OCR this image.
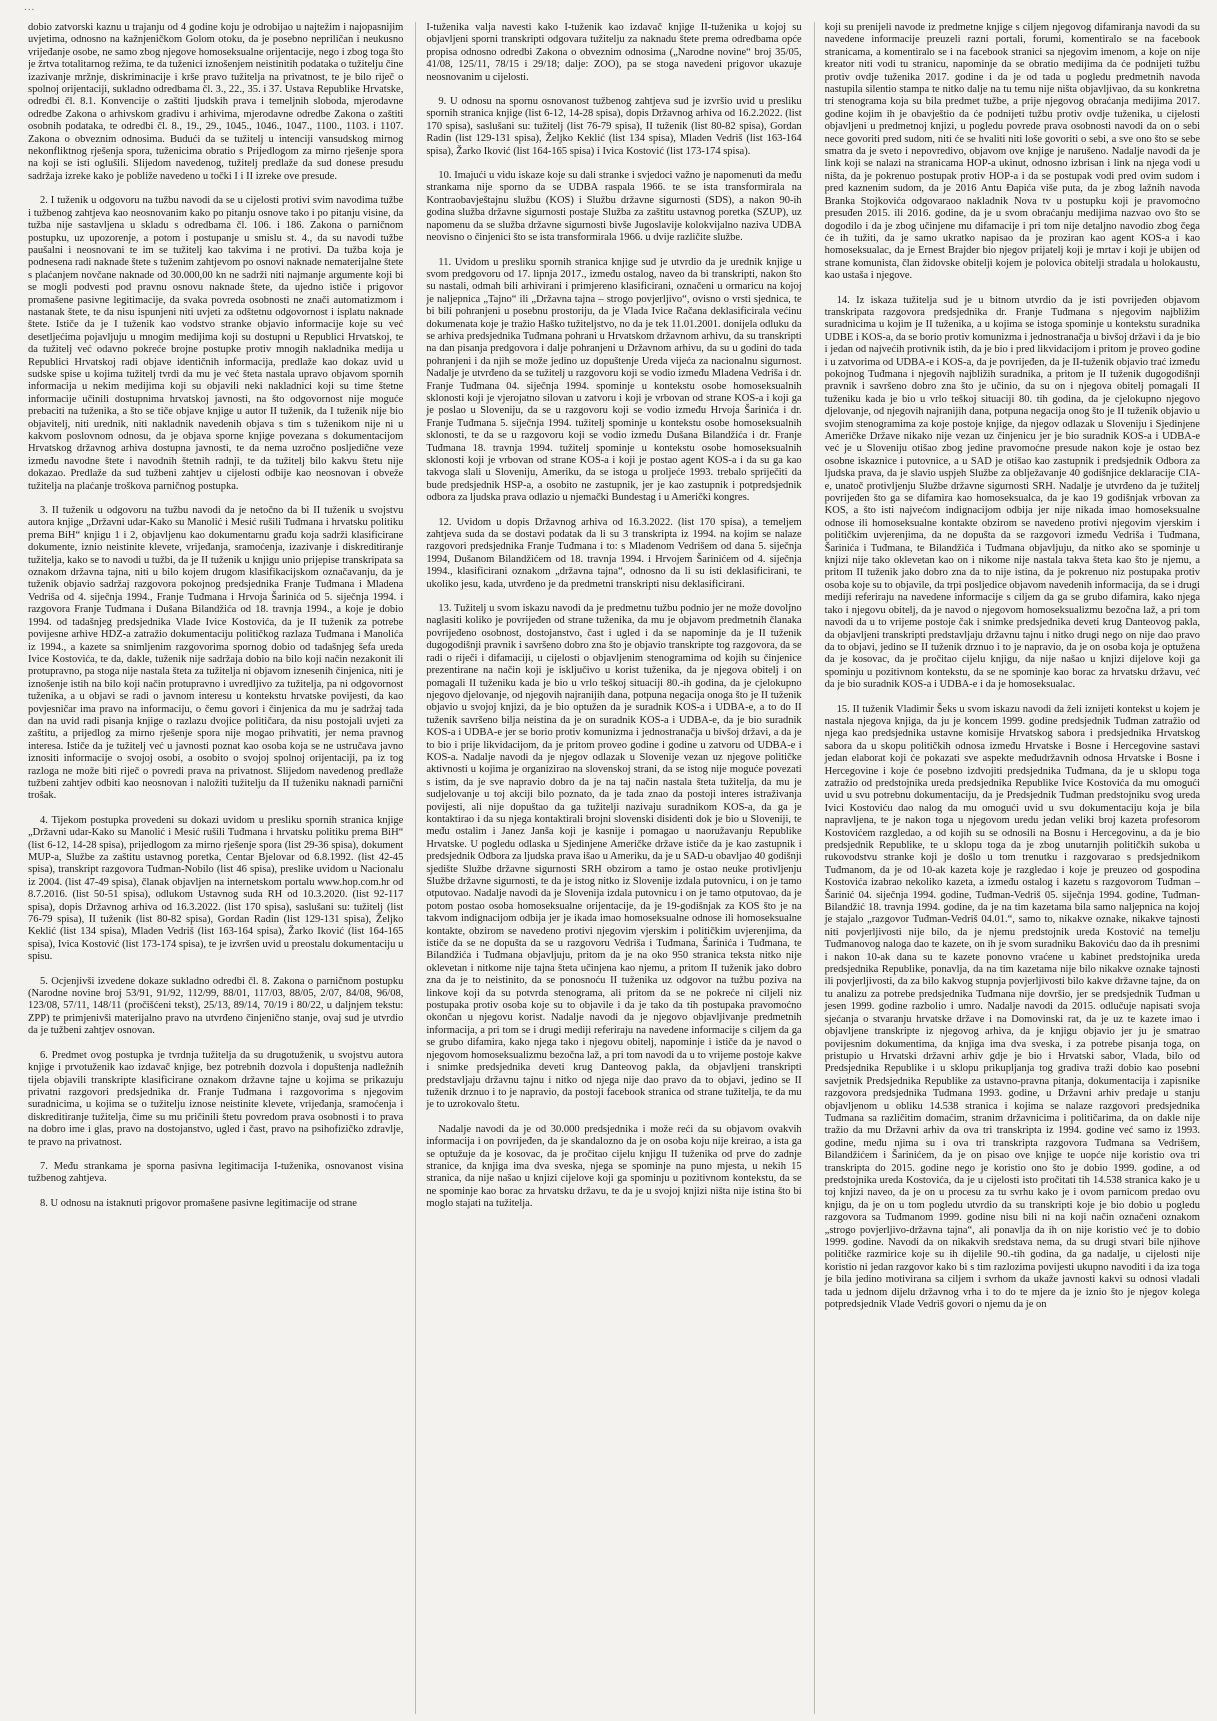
...

dobio zatvorski kaznu u trajanju od 4 godine koju je odrobijao u najtežim i najopasnijim uvjetima, odnosno na kažnjeničkom Golom otoku, da je posebno nepriličan i neukusno vrijeđanje osobe, ne samo zbog njegove homoseksualne orijentacije, nego i zbog toga što je žrtva totalitarnog režima, te da tuženici iznošenjem neistinitih podataka o tužitelju čine izazivanje mržnje, diskriminacije i krše pravo tužitelja na privatnost, te je bilo riječ o spolnoj orijentaciji, sukladno odredbama čl. 3., 22., 35. i 37. Ustava Republike Hrvatske, odredbi čl. 8.1. Konvencije o zaštiti ljudskih prava i temeljnih sloboda, mjerodavne odredbe Zakona o arhivskom gradivu i arhivima, mjerodavne odredbe Zakona o zaštiti osobnih podataka, te odredbi čl. 8., 19., 29., 1045., 1046., 1047., 1100., 1103. i 1107. Zakona o obveznim odnosima. Budući da se tužitelj u intenciji vansudskog mirnog nekonfliktnog rješenja spora, tuženicima obratio s Prijedlogom za mirno rješenje spora na koji se isti oglušili. Slijedom navedenog, tužitelj predlaže da sud donese presudu sadržaja izreke kako je pobliže navedeno u točki I i II izreke ove presude.

2. I tuženik u odgovoru na tužbu navodi da se u cijelosti protivi svim navodima tužbe i tužbenog zahtjeva kao neosnovanim kako po pitanju osnove tako i po pitanju visine, da tužba nije sastavljena u skladu s odredbama čl. 106. i 186. Zakona o parničnom postupku, uz upozorenje, a potom i postupanje u smislu st. 4., da su navodi tužbe paušalni i neosnovani te im se tužitelj kao takvima i ne protivi. Da tužba koja je podnesena radi naknade štete s tuženim zahtjevom po osnovi naknade nematerijalne štete s plaćanjem novčane naknade od 30.000,00 kn ne sadrži niti najmanje argumente koji bi se mogli podvesti pod pravnu osnovu naknade štete, da ujedno ističe i prigovor promašene pasivne legitimacije, da svaka povreda osobnosti ne znači automatizmom i nastanak štete, te da nisu ispunjeni niti uvjeti za odštetnu odgovornost i isplatu naknade štete. Ističe da je I tuženik kao vodstvo stranke objavio informacije koje su već desetljećima pojavljuju u mnogim medijima koji su dostupni u Republici Hrvatskoj, te da tužitelj već odavno pokreće brojne postupke protiv mnogih nakladnika medija u Republici Hrvatskoj radi objave identičnih informacija, predlaže kao dokaz uvid u sudske spise u kojima tužitelj tvrdi da mu je već šteta nastala upravo objavom spornih informacija u nekim medijima koji su objavili neki nakladnici koji su time štetne informacije učinili dostupnima hrvatskoj javnosti, na što odgovornost nije moguće prebaciti na tuženika, a što se tiče objave knjige u autor II tuženik, da I tuženik nije bio objavitelj, niti urednik, niti nakladnik navedenih objava s tim s tuženikom nije ni u kakvom poslovnom odnosu, da je objava sporne knjige povezana s dokumentacijom Hrvatskog državnog arhiva dostupna javnosti, te da nema uzročno posljedične veze između navodne štete i navodnih štetnih radnji, te da tužitelj bilo kakvu štetu nije dokazao. Predlaže da sud tužbeni zahtjev u cijelosti odbije kao neosnovan i obveže tužitelja na plaćanje troškova parničnog postupka.

3. II tuženik u odgovoru na tužbu navodi da je netočno da bi II tuženik u svojstvu autora knjige „Državni udar-Kako su Manolić i Mesić rušili Tuđmana i hrvatsku politiku prema BiH“ knjigu 1 i 2, objavljenu kao dokumentarnu građu koja sadrži klasificirane dokumente, iznio neistinite klevete, vrijeđanja, sramoćenja, izazivanje i diskreditiranje tužitelja, kako se to navodi u tužbi, da je II tuženik u knjigu unio prijepise transkripata sa oznakom državna tajna, niti u bilo kojem drugom klasifikacijskom označavanju, da je tuženik objavio sadržaj razgovora pokojnog predsjednika Franje Tuđmana i Mladena Vedriša od 4. siječnja 1994., Franje Tuđmana i Hrvoja Šarinića od 5. siječnja 1994. i razgovora Franje Tuđmana i Dušana Bilandžića od 18. travnja 1994., a koje je dobio 1994. od tadašnjeg predsjednika Vlade Ivice Kostovića, da je II tuženik za potrebe povijesne arhive HDZ-a zatražio dokumentaciju političkog razlaza Tuđmana i Manolića iz 1994., a kazete sa snimljenim razgovorima spornog dobio od tadašnjeg šefa ureda Ivice Kostovića, te da, dakle, tuženik nije sadržaja dobio na bilo koji način nezakonit ili protupravno, pa stoga nije nastala šteta za tužitelja ni objavom iznesenih činjenica, niti je iznošenje istih na bilo koji način protupravno i uvredljivo za tužitelja, pa ni odgovornost tuženika, a u objavi se radi o javnom interesu u kontekstu hrvatske povijesti, da kao povjesničar ima pravo na informaciju, o čemu govori i činjenica da mu je sadržaj tada dan na uvid radi pisanja knjige o razlazu dvojice političara, da nisu postojali uvjeti za zaštitu, a prijedlog za mirno rješenje spora nije mogao prihvatiti, jer nema pravnog interesa. Ističe da je tužitelj već u javnosti poznat kao osoba koja se ne ustručava javno iznositi informacije o svojoj osobi, a osobito o svojoj spolnoj orijentaciji, pa iz tog razloga ne može biti riječ o povredi prava na privatnost. Slijedom navedenog predlaže tužbeni zahtjev odbiti kao neosnovan i naložiti tužitelju da II tuženiku naknadi parnični trošak.

4. Tijekom postupka provedeni su dokazi uvidom u presliku spornih stranica knjige „Državni udar-Kako su Manolić i Mesić rušili Tuđmana i hrvatsku politiku prema BiH“ (list 6-12, 14-28 spisa), prijedlogom za mirno rješenje spora (list 29-36 spisa), dokument MUP-a, Službe za zaštitu ustavnog poretka, Centar Bjelovar od 6.8.1992. (list 42-45 spisa), transkript razgovora Tuđman-Nobilo (list 46 spisa), preslike uvidom u Nacionalu iz 2004. (list 47-49 spisa), članak objavljen na internetskom portalu www.hop.com.hr od 8.7.2016. (list 50-51 spisa), odlukom Ustavnog suda RH od 10.3.2020. (list 92-117 spisa), dopis Državnog arhiva od 16.3.2022. (list 170 spisa), saslušani su: tužitelj (list 76-79 spisa), II tuženik (list 80-82 spisa), Gordan Radin (list 129-131 spisa), Željko Keklić (list 134 spisa), Mladen Vedriš (list 163-164 spisa), Žarko Iković (list 164-165 spisa), Ivica Kostović (list 173-174 spisa), te je izvršen uvid u preostalu dokumentaciju u spisu.

5. Ocjenjivši izvedene dokaze sukladno odredbi čl. 8. Zakona o parničnom postupku (Narodne novine broj 53/91, 91/92, 112/99, 88/01, 117/03, 88/05, 2/07, 84/08, 96/08, 123/08, 57/11, 148/11 (pročišćeni tekst), 25/13, 89/14, 70/19 i 80/22, u daljnjem tekstu: ZPP) te primjenivši materijalno pravo na utvrđeno činjenično stanje, ovaj sud je utvrdio da je tužbeni zahtjev osnovan.

6. Predmet ovog postupka je tvrdnja tužitelja da su drugotuženik, u svojstvu autora knjige i prvotuženik kao izdavač knjige, bez potrebnih dozvola i dopuštenja nadležnih tijela objavili transkripte klasificirane oznakom državne tajne u kojima se prikazuju privatni razgovori predsjednika dr. Franje Tuđmana i razgovorima s njegovim suradnicima, u kojima se o tužitelju iznose neistinite klevete, vrijeđanja, sramoćenja i diskreditiranje tužitelja, čime su mu pričinili štetu povredom prava osobnosti i to prava na dobro ime i glas, pravo na dostojanstvo, ugled i čast, pravo na psihofizičko zdravlje, te pravo na privatnost.

7. Među strankama je sporna pasivna legitimacija I-tuženika, osnovanost visina tužbenog zahtjeva.

8. U odnosu na istaknuti prigovor promašene pasivne legitimacije od strane

I-tuženika valja navesti kako I-tuženik kao izdavač knjige II-tuženika u kojoj su objavljeni sporni transkripti odgovara tužitelju za naknadu štete prema odredbama opće propisa odnosno odredbi Zakona o obveznim odnosima („Narodne novine“ broj 35/05, 41/08, 125/11, 78/15 i 29/18; dalje: ZOO), pa se stoga navedeni prigovor ukazuje neosnovanim u cijelosti.

9. U odnosu na spornu osnovanost tužbenog zahtjeva sud je izvršio uvid u presliku spornih stranica knjige (list 6-12, 14-28 spisa), dopis Državnog arhiva od 16.2.2022. (list 170 spisa), saslušani su: tužitelj (list 76-79 spisa), II tuženik (list 80-82 spisa), Gordan Radin (list 129-131 spisa), Željko Keklić (list 134 spisa), Mladen Vedriš (list 163-164 spisa), Žarko Iković (list 164-165 spisa) i Ivica Kostović (list 173-174 spisa).

10. Imajući u vidu iskaze koje su dali stranke i svjedoci važno je napomenuti da među strankama nije sporno da se UDBA raspala 1966. te se ista transformirala na Kontraobavještajnu službu (KOS) i Službu državne sigurnosti (SDS), a nakon 90-ih godina služba državne sigurnosti postaje Služba za zaštitu ustavnog poretka (SZUP), uz napomenu da se služba državne sigurnosti bivše Jugoslavije kolokvijalno naziva UDBA neovisno o činjenici što se ista transformirala 1966. u dvije različite službe.

11. Uvidom u presliku spornih stranica knjige sud je utvrdio da je urednik knjige u svom predgovoru od 17. lipnja 2017., između ostalog, naveo da bi transkripti, nakon što su nastali, odmah bili arhivirani i primjereno klasificirani, označeni u ormaricu na kojoj je naljepnica „Tajno“ ili „Državna tajna – strogo povjerljivo“, ovisno o vrsti sjednica, te bi bili pohranjeni u posebnu prostoriju, da je Vlada Ivice Račana deklasificirala većinu dokumenata koje je tražio Haško tužiteljstvo, no da je tek 11.01.2001. donijela odluku da se arhiva predsjednika Tuđmana pohrani u Hrvatskom državnom arhivu, da su transkripti na dan pisanja predgovora i dalje pohranjeni u Državnom arhivu, da su u godini do tada pohranjeni i da njih se može jedino uz dopuštenje Ureda vijeća za nacionalnu sigurnost. Nadalje je utvrđeno da se tužitelj u razgovoru koji se vodio između Mladena Vedriša i dr. Franje Tuđmana 04. siječnja 1994. spominje u kontekstu osobe homoseksualnih sklonosti koji je vjerojatno silovan u zatvoru i koji je vrbovan od strane KOS-a i koji ga je poslao u Sloveniju, da se u razgovoru koji se vodio između Hrvoja Šarinića i dr. Franje Tuđmana 5. siječnja 1994. tužitelj spominje u kontekstu osobe homoseksualnih sklonosti, te da se u razgovoru koji se vodio između Dušana Bilandžića i dr. Franje Tuđmana 18. travnja 1994. tužitelj spominje u kontekstu osobe homoseksualnih sklonosti koji je vrbovan od strane KOS-a i koji je postao agent KOS-a i da su ga kao takvoga slali u Sloveniju, Ameriku, da se istoga u proljeće 1993. trebalo spriječiti da bude predsjednik HSP-a, a osobito ne zastupnik, jer je kao zastupnik i potpredsjednik odbora za ljudska prava odlazio u njemački Bundestag i u Američki kongres.

12. Uvidom u dopis Državnog arhiva od 16.3.2022. (list 170 spisa), a temeljem zahtjeva suda da se dostavi podatak da li su 3 transkripta iz 1994. na kojim se nalaze razgovori predsjednika Franje Tuđmana i to: s Mladenom Vedrišem od dana 5. siječnja 1994, Dušanom Bilandžićem od 18. travnja 1994. i Hrvojem Šarinićem od 4. siječnja 1994., klasificirani oznakom „državna tajna“, odnosno da li su isti deklasificirani, te ukoliko jesu, kada, utvrđeno je da predmetni transkripti nisu deklasificirani.

13. Tužitelj u svom iskazu navodi da je predmetnu tužbu podnio jer ne može dovoljno naglasiti koliko je povrijeđen od strane tuženika, da mu je objavom predmetnih članaka povrijeđeno osobnost, dostojanstvo, čast i ugled i da se napominje da je II tuženik dugogodišnji pravnik i savršeno dobro zna što je objavio transkripte tog razgovora, da se radi o riječi i difamaciji, u cijelosti o objavljenim stenogramima od kojih su činjenice prezentirane na način koji je isključivo u korist tuženika, da je njegova obitelj i on pomagali II tuženiku kada je bio u vrlo teškoj situaciji 80.-ih godina, da je cjelokupno njegovo djelovanje, od njegovih najranijih dana, potpuna negacija onoga što je II tuženik objavio u svojoj knjizi, da je bio optužen da je suradnik KOS-a i UDBA-e, a to do II tuženik savršeno bilja neistina da je on suradnik KOS-a i UDBA-e, da je bio suradnik KOS-a i UDBA-e jer se borio protiv komunizma i jednostranačja u bivšoj državi, a da je to bio i prije likvidacijom, da je pritom proveo godine i godine u zatvoru od UDBA-e i KOS-a. Nadalje navodi da je njegov odlazak u Slovenije vezan uz njegove političke aktivnosti u kojima je organizirao na slovenskoj strani, da se istog nije moguće povezati s istim, da je sve napravio dobro da je na taj način nastala šteta tužitelja, da mu je sudjelovanje u toj akciji bilo poznato, da je tada znao da postoji interes istraživanja povijesti, ali nije dopuštao da ga tužitelji nazivaju suradnikom KOS-a, da ga je kontaktirao i da su njega kontaktirali brojni slovenski disidenti dok je bio u Sloveniji, te među ostalim i Janez Janša koji je kasnije i pomagao u naoružavanju Republike Hrvatske. U pogledu odlaska u Sjedinjene Američke države ističe da je kao zastupnik i predsjednik Odbora za ljudska prava išao u Ameriku, da je u SAD-u obavljao 40 godišnji sjedište Službe državne sigurnosti SRH obzirom a tamo je ostao neuke protivljenju Službe državne sigurnosti, te da je istog nitko iz Slovenije izdala putovnicu, i on je tamo otputovao. Nadalje navodi da je Slovenija izdala putovnicu i on je tamo otputovao, da je potom postao osoba homoseksualne orijentacije, da je 19-godišnjak za KOS što je na takvom indignacijom odbija jer je ikada imao homoseksualne odnose ili homoseksualne kontakte, obzirom se navedeno protivi njegovim vjerskim i političkim uvjerenjima, da ističe da se ne dopušta da se u razgovoru Vedriša i Tuđmana, Šarinića i Tuđmana, te Bilandžića i Tuđmana objavljuju, pritom da je na oko 950 stranica teksta nitko nije oklevetan i nitkome nije tajna šteta učinjena kao njemu, a pritom II tuženik jako dobro zna da je to neistinito, da se ponosnoću II tuženika uz odgovor na tužbu poziva na linkove koji da su potvrda stenograma, ali pritom da se ne pokreće ni ciljeli niz postupaka protiv osoba koje su to objavile i da je tako da tih postupaka pravomoćno okončan u njegovu korist. Nadalje navodi da je njegovo objavljivanje predmetnih informacija, a pri tom se i drugi mediji referiraju na navedene informacije s ciljem da ga se grubo difamira, kako njega tako i njegovu obitelj, napominje i ističe da je navod o njegovom homoseksualizmu bezočna laž, a pri tom navodi da u to vrijeme postoje kakve i snimke predsjednika deveti krug Danteovog pakla, da objavljeni transkripti predstavljaju državnu tajnu i nitko od njega nije dao pravo da to objavi, jedino se II tuženik drznuo i to je napravio, da postoji facebook stranica od strane tužitelja, te da mu je to uzrokovalo štetu.

Nadalje navodi da je od 30.000 predsjednika i može reći da su objavom ovakvih informacija i on povrijeđen, da je skandalozno da je on osoba koju nije kreirao, a ista ga se optužuje da je kosovac, da je pročitao cijelu knjigu II tuženika od prve do zadnje stranice, da knjiga ima dva sveska, njega se spominje na puno mjesta, u nekih 15 stranica, da nije našao u knjizi cijelove koji ga spominju u pozitivnom kontekstu, da se ne spominje kao borac za hrvatsku državu, te da je u svojoj knjizi ništa nije istina što bi moglo stajati na tužitelja.

koji su prenijeli navode iz predmetne knjige s ciljem njegovog difamiranja navodi da su navedene informacije preuzeli razni portali, forumi, komentiralo se na facebook stranicama, a komentiralo se i na facebook stranici sa njegovim imenom, a koje on nije kreator niti vodi tu stranicu, napominje da se obratio medijima da će podnijeti tužbu protiv ovdje tuženika 2017. godine i da je od tada u pogledu predmetnih navoda nastupila silentio stampa te nitko dalje na tu temu nije ništa objavljivao, da su konkretna tri stenograma koja su bila predmet tužbe, a prije njegovog obraćanja medijima 2017. godine kojim ih je obavještio da će podnijeti tužbu protiv ovdje tuženika, u cijelosti objavljeni u predmetnoj knjizi, u pogledu povrede prava osobnosti navodi da on o sebi nece govoriti pred sudom, niti će se hvaliti niti loše govoriti o sebi, a sve ono što se sebe smatra da je sveto i nepovredivo, objavom ove knjige je narušeno. Nadalje navodi da je link koji se nalazi na stranicama HOP-a ukinut, odnosno izbrisan i link na njega vodi u ništa, da je pokrenuo postupak protiv HOP-a i da se postupak vodi pred ovim sudom i pred kaznenim sudom, da je 2016 Antu Đapića više puta, da je zbog lažnih navoda Branka Stojkovića odgovaraoo nakladnik Nova tv u postupku koji je pravomoćno presuđen 2015. ili 2016. godine, da je u svom obraćanju medijima nazvao ovo što se dogodilo i da je zbog učinjene mu difamacije i pri tom nije detaljno navodio zbog čega ćе ih tužiti, da je samo ukratko napisao da je proziran kao agent KOS-a i kao homoseksualac, da je Ernest Brajder bio njegov prijatelj koji je mrtav i koji je ubijen od strane komunista, član židovske obitelji kojem je polovica obitelji stradala u holokaustu, kao ustaša i njegove.

14. Iz iskaza tužitelja sud je u bitnom utvrdio da je isti povrijeđen objavom transkripata razgovora predsjednika dr. Franje Tuđmana s njegovim najbližim suradnicima u kojim je II tuženika, a u kojima se istoga spominje u kontekstu suradnika UDBE i KOS-a, da se borio protiv komunizma i jednostranačja u bivšoj državi i da je bio i jedan od najvećih protivnik istih, da je bio i pred likvidacijom i pritom je proveo godine i u zatvorima od UDBA-e i KOS-a, da je povrijeđen, da je II-tuženik objavio trać između pokojnog Tuđmana i njegovih najbližih suradnika, a pritom je II tuženik dugogodišnji pravnik i savršeno dobro zna što je učinio, da su on i njegova obitelj pomagali II tuženiku kada je bio u vrlo teškoj situaciji 80. tih godina, da je cjelokupno njegovo djelovanje, od njegovih najranijih dana, potpuna negacija onog što je II tuženik objavio u svojim stenogramima za koje postoje knjige, da njegov odlazak u Sloveniju i Sjedinjene Američke Države nikako nije vezan uz činjenicu jer je bio suradnik KOS-a i UDBA-e već je u Sloveniju otišao zbog jedine pravomoćne presude nakon koje je ostao bez osobne iskaznice i putovnice, a u SAD je otišao kao zastupnik i predsjednik Odbora za ljudska prava, da je slavio uspjeh Službe za oblježavanje 40 godišnjice deklaracije CIA-e, unatoč protivljenju Službe državne sigurnosti SRH. Nadalje je utvrđeno da je tužitelj povrijeđen što ga se difamira kao homoseksualca, da je kao 19 godišnjak vrbovan za KOS, a što isti najvećom indignacijom odbija jer nije nikada imao homoseksualne odnose ili homoseksualne kontakte obzirom se navedeno protivi njegovim vjerskim i političkim uvjerenjima, da ne dopušta da se razgovori između Vedriša i Tuđmana, Šarinića i Tuđmana, te Bilandžića i Tuđmana objavljuju, da nitko ako se spominje u knjizi nije tako oklevetan kao on i nikome nije nastala takva šteta kao što je njemu, a pritom II tuženik jako dobro zna da to nije istina, da je pokrenuo niz postupaka protiv osoba koje su to objavile, da trpi posljedice objavom navedenih informacija, da se i drugi mediji referiraju na navedene informacije s ciljem da ga se grubo difamira, kako njega tako i njegovu obitelj, da je navod o njegovom homoseksualizmu bezočna laž, a pri tom navodi da u to vrijeme postoje čak i snimke predsjednika deveti krug Danteovog pakla, da objavljeni transkripti predstavljaju državnu tajnu i nitko drugi nego on nije dao pravo da to objavi, jedino se II tuženik drznuo i to je napravio, da je on osoba koja je optužena da je kosovac, da je pročitao cijelu knjigu, da nije našao u knjizi dijelove koji ga spominju u pozitivnom kontekstu, da se ne spominje kao borac za hrvatsku državu, već da je bio suradnik KOS-a i UDBA-e i da je homoseksualac.

15. II tuženik Vladimir Šeks u svom iskazu navodi da želi iznijeti kontekst u kojem je nastala njegova knjiga, da ju je koncem 1999. godine predsjednik Tuđman zatražio od njega kao predsjednika ustavne komisije Hrvatskog sabora i predsjednika Hrvatskog sabora da u skopu političkih odnosa između Hrvatske i Bosne i Hercegovine sastavi jedan elaborat koji će pokazati sve aspekte međudržavnih odnosa Hrvatske i Bosne i Hercegovine i koje će posebno izdvojiti predsjednika Tuđmana, da je u sklopu toga zatražio od predstojnika ureda predsjednika Republike Ivice Kostovića da mu omogući uvid u svu potrebnu dokumentaciju, da je Predsjednik Tuđman predstojniku svog ureda Ivici Kostoviću dao nalog da mu omogući uvid u svu dokumentaciju koja je bila napravljena, te je nakon toga u njegovom uredu jedan veliki broj kazeta profesorom Kostovićem razgledao, a od kojih su se odnosili na Bosnu i Hercegovinu, a da je bio predsjednik Republike, te u sklopu toga da je zbog unutarnjih političkih sukoba u rukovodstvu stranke koji je došlo u tom trenutku i razgovarao s predsjednikom Tuđmanom, da je od 10-ak kazeta koje je razgledao i koje je preuzeo od gospodina Kostovića izabrao nekoliko kazeta, a između ostalog i kazetu s razgovorom Tuđman – Šarinić 04. siječnja 1994. godine, Tuđman-Vedriš 05. siječnja 1994. godine, Tuđman-Bilandžić 18. travnja 1994. godine, da je na tim kazetama bila samo naljepnica na kojoj je stajalo „razgovor Tuđman-Vedriš 04.01.“, samo to, nikakve oznake, nikakve tajnosti niti povjerljivosti nije bilo, da je njemu predstojnik ureda Kostović na temelju Tuđmanovog naloga dao te kazete, on ih je svom suradniku Bakoviću dao da ih presnimi i nakon 10-ak dana su te kazete ponovno vraćene u kabinet predstojnika ureda predsjednika Republike, ponavlja, da na tim kazetama nije bilo nikakve oznake tajnosti ili povjerljivosti, da za bilo kakvog stupnja povjerljivosti bilo kakve državne tajne, da on tu analizu za potrebe predsjednika Tuđmana nije dovršio, jer se predsjednik Tuđman u jesen 1999. godine razbolio i umro. Nadalje navodi da 2015. odlučuje napisati svoja sjećanja o stvaranju hrvatske države i na Domovinski rat, da je uz te kazete imao i objavljene transkripte iz njegovog arhiva, da je knjigu objavio jer ju je smatrao povijesnim dokumentima, da knjiga ima dva sveska, i za potrebe pisanja toga, on pristupio u Hrvatski državni arhiv gdje je bio i Hrvatski sabor, Vlada, bilo od Predsjednika Republike i u sklopu prikupljanja tog gradiva traži dobio kao posebni savjetnik Predsjednika Republike za ustavno-pravna pitanja, dokumentacija i zapisnike razgovora predsjednika Tuđmana 1993. godine, u Državni arhiv predaje u stanju objavljenom u obliku 14.538 stranica i kojima se nalaze razgovori predsjednika Tuđmana sa različitim domaćim, stranim državnicima i političarima, da on dakle nije tražio da mu Državni arhiv da ova tri transkripta iz 1994. godine već samo iz 1993. godine, među njima su i ova tri transkripta razgovora Tuđmana sa Vedrišem, Bilandžićem i Šarinićem, da je on pisao ove knjige te uopće nije koristio ova tri transkripta do 2015. godine nego je koristio ono što je dobio 1999. godine, a od predstojnika ureda Kostovića, da je u cijelosti isto pročitati tih 14.538 stranica kako je u toj knjizi naveo, da je on u procesu za tu svrhu kako je i ovom parnicom predao ovu knjigu, da je on u tom pogledu utvrdio da su transkripti koje je bio dobio u pogledu razgovora sa Tuđmanom 1999. godine nisu bili ni na koji način označeni oznakom „strogo povjerljivo-državna tajna“, ali ponavlja da ih on nije koristio već je to dobio 1999. godine. Navodi da on nikakvih sredstava nema, da su drugi stvari bile njihove političke razmirice koje su ih dijelile 90.-tih godina, da ga nadalje, u cijelosti nije koristio ni jedan razgovor kako bi s tim razlozima povijesti ukupno navoditi i da iza toga je bila jedino motivirana sa ciljem i svrhom da ukaže javnosti kakvi su odnosi vladali tada u jednom dijelu državnog vrha i to do te mjere da je iznio što je njegov kolega potpredsjednik Vlade Vedriš govori o njemu da je on
